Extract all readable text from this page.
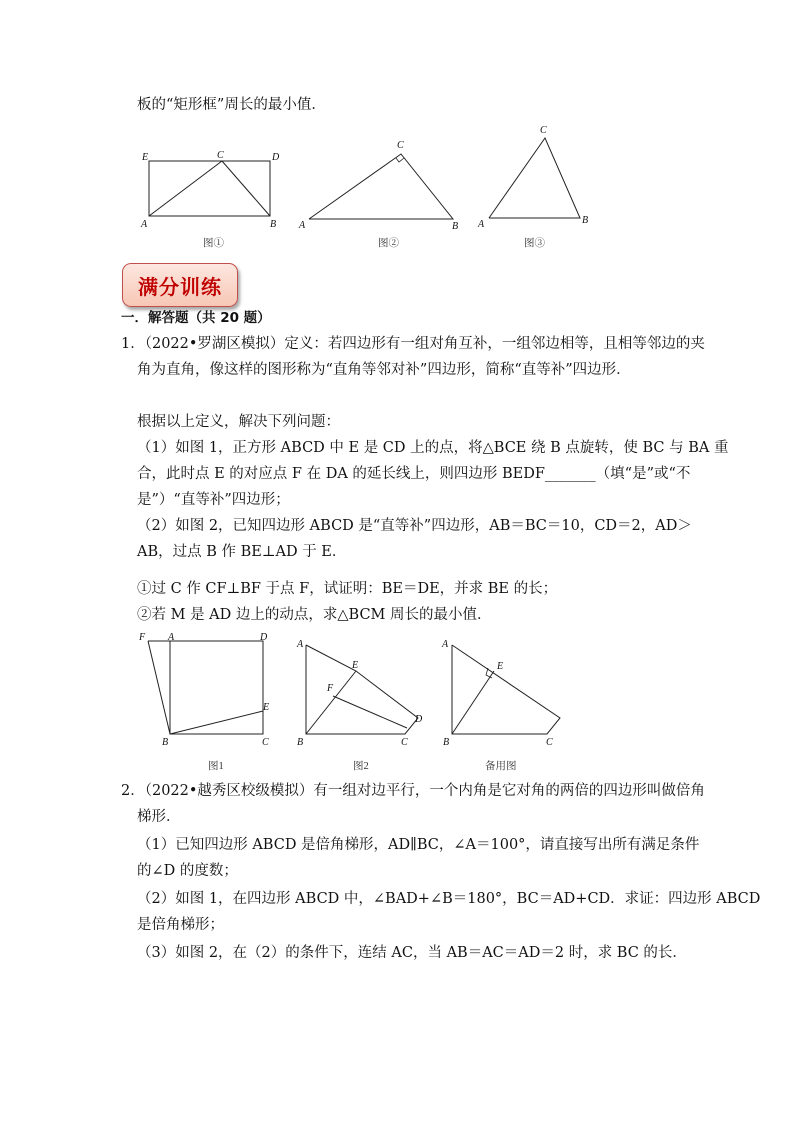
板的“矩形框”周长的最小值．
E	C	D
A	B
图①
C
A	B
图②
C
A	B
图③
满分训练
一．解答题（共 20 题）
1．（2022•罗湖区模拟）定义：若四边形有一组对角互补，一组邻边相等，且相等邻边的夹
角为直角，像这样的图形称为“直角等邻对补”四边形，简称“直等补”四边形．
根据以上定义，解决下列问题：
（1）如图 1，正方形 ABCD 中 E 是 CD 上的点，将△BCE 绕 B 点旋转，使 BC 与 BA 重
合，此时点 E 的对应点 F 在 DA 的延长线上，则四边形 BEDF_______（填“是”或“不
是”）“直等补”四边形；
（2）如图 2，已知四边形 ABCD 是“直等补”四边形，AB＝BC＝10，CD＝2，AD＞
AB，过点 B 作 BE⊥AD 于 E．
①过 C 作 CF⊥BF 于点 F，试证明：BE＝DE，并求 BE 的长；
②若 M 是 AD 边上的动点，求△BCM 周长的最小值．
F A	D
E
B	C
图1
A
E
F
D
B	C
图2
A
E
B	C
备用图
2．（2022•越秀区校级模拟）有一组对边平行，一个内角是它对角的两倍的四边形叫做倍角
梯形．
（1）已知四边形 ABCD 是倍角梯形，AD∥BC，∠A＝100°，请直接写出所有满足条件
的∠D 的度数；
（2）如图 1，在四边形 ABCD 中，∠BAD+∠B＝180°，BC＝AD+CD．求证：四边形 ABCD
是倍角梯形；
（3）如图 2，在（2）的条件下，连结 AC，当 AB＝AC＝AD＝2 时，求 BC 的长．
